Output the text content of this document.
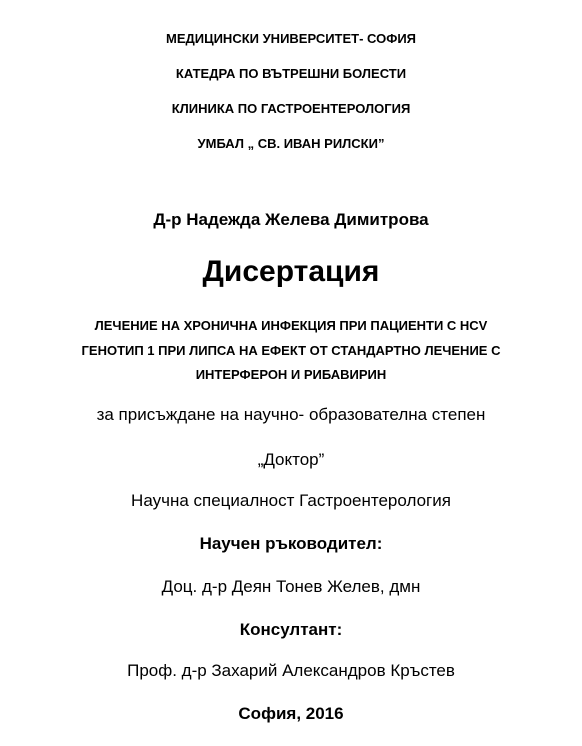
МЕДИЦИНСКИ УНИВЕРСИТЕТ- СОФИЯ
КАТЕДРА ПО ВЪТРЕШНИ БОЛЕСТИ
КЛИНИКА ПО ГАСТРОЕНТЕРОЛОГИЯ
УМБАЛ „ СВ. ИВАН РИЛСКИ”
Д-р Надежда Желева Димитрова
Дисертация
ЛЕЧЕНИЕ НА ХРОНИЧНА ИНФЕКЦИЯ ПРИ ПАЦИЕНТИ С HCV
ГЕНОТИП 1 ПРИ ЛИПСА НА ЕФЕКТ ОТ СТАНДАРТНО ЛЕЧЕНИЕ С
ИНТЕРФЕРОН И РИБАВИРИН
за присъждане на научно- образователна степен
„Доктор”
Научна специалност Гастроентерология
Научен ръководител:
Доц. д-р Деян Тонев Желев, дмн
Консултант:
Проф. д-р Захарий Александров Кръстев
София, 2016
